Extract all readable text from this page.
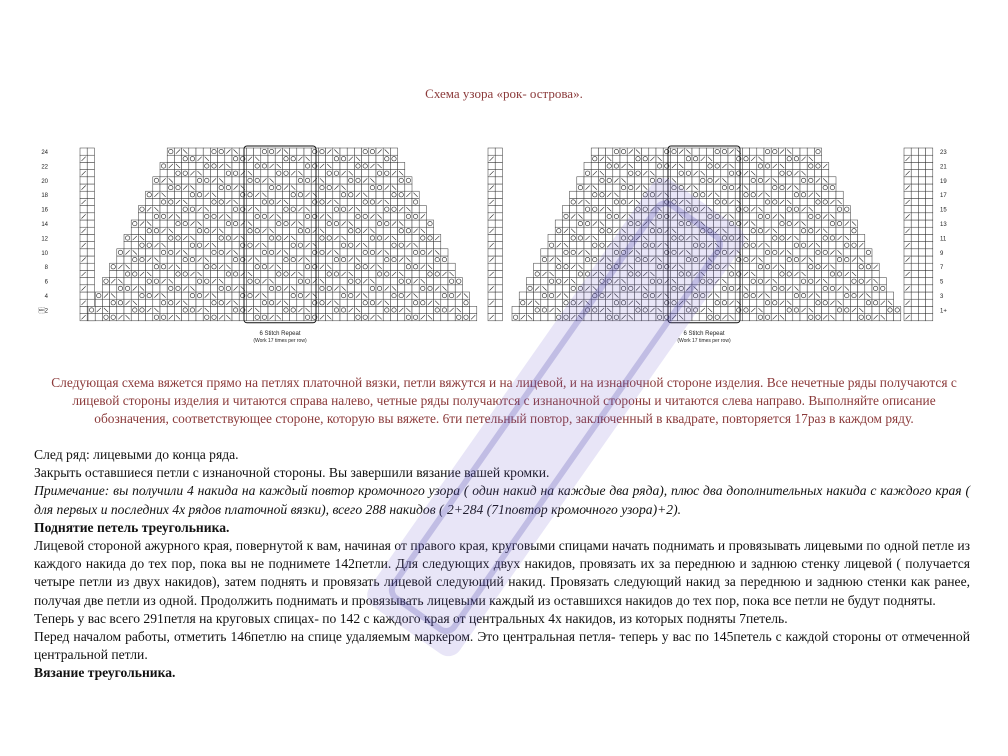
Схема узора «рок- острова».
24
22
20
18
16
14
12
10
8
6
4
2
23
21
19
17
15
13
11
9
7
5
3
1+
6 Stitch Repeat
(Work 17 times per row)
6 Stitch Repeat
(Work 17 times per row)
Следующая схема вяжется прямо на петлях платочной вязки, петли вяжутся и на лицевой, и на изнаночной стороне изделия. Все нечетные ряды получаются с лицевой стороны изделия и читаются справа налево, четные ряды получаются с изнаночной стороны и читаются слева направо. Выполняйте описание обозначения, соответствующее стороне, которую вы вяжете. 6ти петельный повтор, заключенный в квадрате, повторяется 17раз в каждом ряду.

След ряд: лицевыми до конца ряда.

Закрыть оставшиеся петли с изнаночной стороны. Вы завершили вязание вашей кромки.

Примечание: вы получили 4 накида на каждый повтор кромочного узора ( один накид на каждые два ряда), плюс два дополнительных накида с каждого края ( для первых и последних 4х рядов платочной вязки), всего 288 накидов ( 2+284 (71повтор кромочного узора)+2).

Поднятие петель треугольника.

Лицевой стороной ажурного края, повернутой к вам, начиная от правого края, круговыми спицами начать поднимать и провязывать лицевыми по одной петле из каждого накида до тех пор, пока вы не поднимете 142петли. Для следующих двух накидов, провязать их за переднюю и заднюю стенку лицевой ( получается четыре петли из двух накидов), затем поднять и провязать лицевой следующий накид. Провязать следующий накид за переднюю и заднюю стенки как ранее, получая две петли из одной. Продолжить поднимать и провязывать лицевыми каждый из оставшихся накидов до тех пор, пока все петли не будут подняты.

Теперь у вас всего 291петля на круговых спицах- по 142 с каждого края от центральных 4х накидов, из которых подняты 7петель.

Перед началом работы, отметить 146петлю на спице удаляемым маркером. Это центральная петля- теперь у вас по 145петель с каждой стороны от отмеченной центральной петли.

Вязание треугольника.
